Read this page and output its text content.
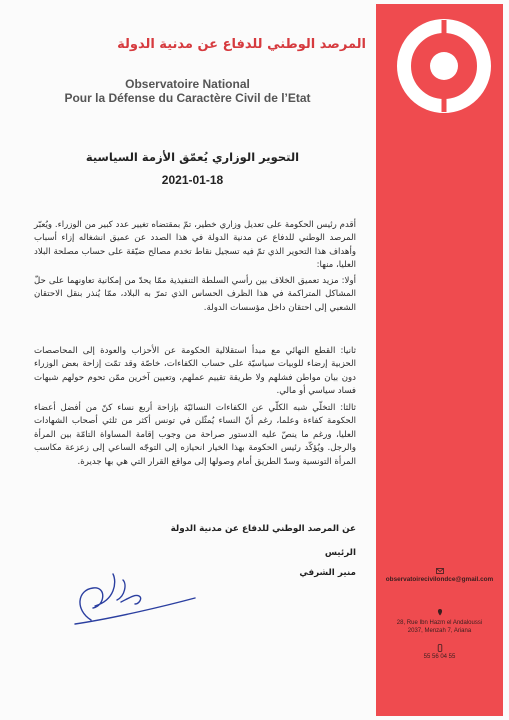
المرصد الوطني للدفاع عن مدنية الدولة
Observatoire National
Pour la Défense du Caractère Civil de l’Etat
التحوير الوزاري يُعمّق الأزمة السياسية
2021-01-18
أقدم رئيس الحكومة على تعديل وزاري خطير، تمّ بمقتضاه تغيير عدد كبير من الوزراء. ويُعبّر المرصد الوطني للدفاع عن مدنية الدولة في هذا الصدد عن عميق انشغاله إزاء أسباب وأهداف هذا التحوير الذي تمّ فيه تسجيل نقاط تخدم مصالح ضيّقة على حساب مصلحة البلاد العليا، منها:
أولا: مزيد تعميق الخلاف بين رأسي السلطة التنفيذية ممّا يحدّ من إمكانية تعاونهما على حلّ المشاكل المتراكمة في هذا الظرف الحساس الذي تمرّ به البلاد، ممّا يُنذر بنقل الاحتقان الشعبي إلى احتقان داخل مؤسسات الدولة.
ثانيا: القطع النهائي مع مبدأ استقلالية الحكومة عن الأحزاب والعودة إلى المحاصصات الحزبية إرضاء للوبيات سياسيّة على حساب الكفاءات، خاصّة وقد تمّت إزاحة بعض الوزراء دون بيان مواطن فشلهم ولا طريقة تقييم عملهم، وتعيين آخرين ممّن تحوم حولهم شبهات فساد سياسي أو مالي.
ثالثا: التخلّي شبه الكلّي عن الكفاءات النسائيّة بإزاحة أربع نساء كنّ من أفضل أعضاء الحكومة كفاءة وعلما، رغم أنّ النساء يُمثّلن في تونس أكثر من ثلثي أصحاب الشهادات العليا، ورغم ما ينصّ عليه الدستور صراحة من وجوب إقامة المساواة التامّة بين المرأة والرجل. ويُؤكّد رئيس الحكومة بهذا الخيار انحيازه إلى التوجّه الساعي إلى زعزعة مكاسب المرأة التونسية وسدّ الطريق أمام وصولها إلى مواقع القرار التي هي بها جديرة.
عن المرصد الوطني للدفاع عن مدنية الدولة
الرئيس
منير الشرفي
observatoirecivilondce@gmail.com
28, Rue Ibn Hazm el Andaloussi
2037, Menzah 7, Ariana
55 56 04 55
